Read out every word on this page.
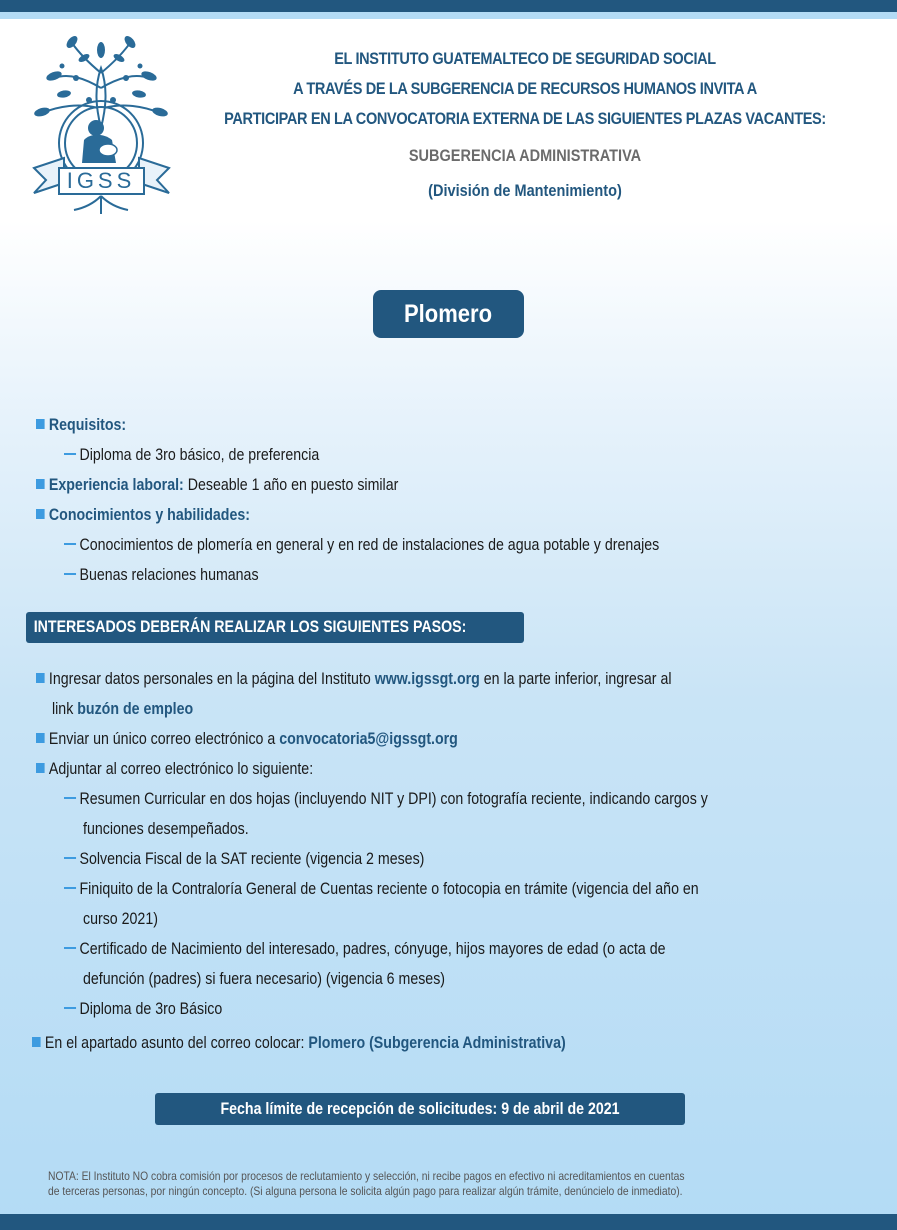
IGSS
EL INSTITUTO GUATEMALTECO DE SEGURIDAD SOCIAL
A TRAVÉS DE LA SUBGERENCIA DE RECURSOS HUMANOS INVITA A
PARTICIPAR EN LA CONVOCATORIA EXTERNA DE LAS SIGUIENTES PLAZAS VACANTES:
SUBGERENCIA ADMINISTRATIVA
(División de Mantenimiento)
Plomero
Requisitos:
Diploma de 3ro básico, de preferencia
Experiencia laboral: Deseable 1 año en puesto similar
Conocimientos y habilidades:
Conocimientos de plomería en general y en red de instalaciones de agua potable y drenajes
Buenas relaciones humanas
INTERESADOS DEBERÁN REALIZAR LOS SIGUIENTES PASOS:
Ingresar datos personales en la página del Instituto www.igssgt.org en la parte inferior, ingresar al
link buzón de empleo
Enviar un único correo electrónico a convocatoria5@igssgt.org
Adjuntar al correo electrónico lo siguiente:
Resumen Curricular en dos hojas (incluyendo NIT y DPI) con fotografía reciente, indicando cargos y
funciones desempeñados.
Solvencia Fiscal de la SAT reciente (vigencia 2 meses)
Finiquito de la Contraloría General de Cuentas reciente o fotocopia en trámite (vigencia del año en
curso 2021)
Certificado de Nacimiento del interesado, padres, cónyuge, hijos mayores de edad (o acta de
defunción (padres) si fuera necesario) (vigencia 6 meses)
Diploma de 3ro Básico
En el apartado asunto del correo colocar: Plomero (Subgerencia Administrativa)
Fecha límite de recepción de solicitudes: 9 de abril de 2021
NOTA: El Instituto NO cobra comisión por procesos de reclutamiento y selección, ni recibe pagos en efectivo ni acreditamientos en cuentas
de terceras personas, por ningún concepto. (Si alguna persona le solicita algún pago para realizar algún trámite, denúncielo de inmediato).
